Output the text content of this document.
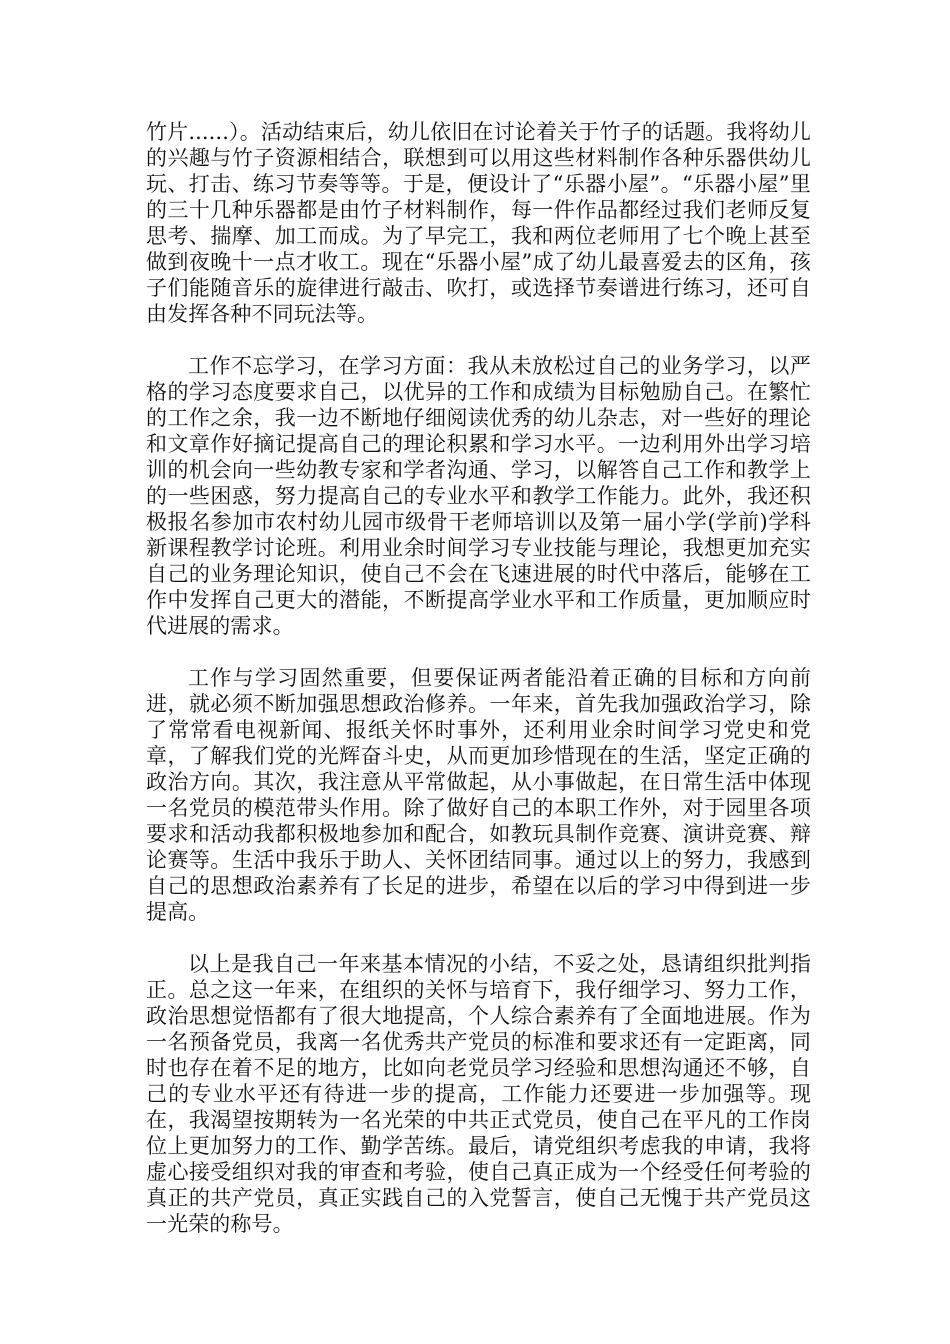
竹片......）。活动结束后，幼儿依旧在讨论着关于竹子的话题。我将幼儿的兴趣与竹子资源相结合，联想到可以用这些材料制作各种乐器供幼儿玩、打击、练习节奏等等。于是，便设计了“乐器小屋”。“乐器小屋”里的三十几种乐器都是由竹子材料制作，每一件作品都经过我们老师反复思考、揣摩、加工而成。为了早完工，我和两位老师用了七个晚上甚至做到夜晚十一点才收工。现在“乐器小屋”成了幼儿最喜爱去的区角，孩子们能随音乐的旋律进行敲击、吹打，或选择节奏谱进行练习，还可自由发挥各种不同玩法等。

工作不忘学习，在学习方面：我从未放松过自己的业务学习，以严格的学习态度要求自己，以优异的工作和成绩为目标勉励自己。在繁忙的工作之余，我一边不断地仔细阅读优秀的幼儿杂志，对一些好的理论和文章作好摘记提高自己的理论积累和学习水平。一边利用外出学习培训的机会向一些幼教专家和学者沟通、学习，以解答自己工作和教学上的一些困惑，努力提高自己的专业水平和教学工作能力。此外，我还积极报名参加市农村幼儿园市级骨干老师培训以及第一届小学(学前)学科新课程教学讨论班。利用业余时间学习专业技能与理论，我想更加充实自己的业务理论知识，使自己不会在飞速进展的时代中落后，能够在工作中发挥自己更大的潜能，不断提高学业水平和工作质量，更加顺应时代进展的需求。

工作与学习固然重要，但要保证两者能沿着正确的目标和方向前进，就必须不断加强思想政治修养。一年来，首先我加强政治学习，除了常常看电视新闻、报纸关怀时事外，还利用业余时间学习党史和党章，了解我们党的光辉奋斗史，从而更加珍惜现在的生活，坚定正确的政治方向。其次，我注意从平常做起，从小事做起，在日常生活中体现一名党员的模范带头作用。除了做好自己的本职工作外，对于园里各项要求和活动我都积极地参加和配合，如教玩具制作竞赛、演讲竞赛、辩论赛等。生活中我乐于助人、关怀团结同事。通过以上的努力，我感到自己的思想政治素养有了长足的进步，希望在以后的学习中得到进一步提高。

以上是我自己一年来基本情况的小结，不妥之处，恳请组织批判指正。总之这一年来，在组织的关怀与培育下，我仔细学习、努力工作，政治思想觉悟都有了很大地提高，个人综合素养有了全面地进展。作为一名预备党员，我离一名优秀共产党员的标准和要求还有一定距离，同时也存在着不足的地方，比如向老党员学习经验和思想沟通还不够，自己的专业水平还有待进一步的提高，工作能力还要进一步加强等。现在，我渴望按期转为一名光荣的中共正式党员，使自己在平凡的工作岗位上更加努力的工作、勤学苦练。最后，请党组织考虑我的申请，我将虚心接受组织对我的审查和考验，使自己真正成为一个经受任何考验的真正的共产党员，真正实践自己的入党誓言，使自己无愧于共产党员这一光荣的称号。
